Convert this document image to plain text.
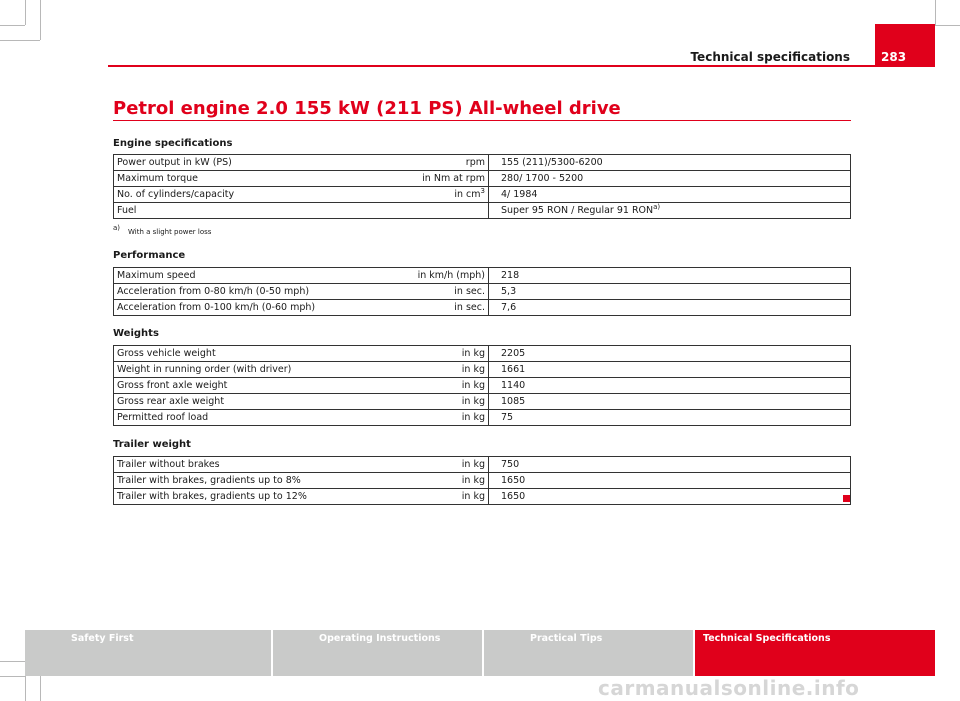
Technical specifications	283
Petrol engine 2.0 155 kW (211 PS) All-wheel drive
Engine specifications
Power output in kW (PS)	rpm	155 (211)/5300-6200
Maximum torque	in Nm at rpm	280/ 1700 - 5200
No. of cylinders/capacity	in $cm^3$	4/ 1984
Fuel		Super 95 RON / Regular 91 RON$^{a)}$
$^{a)}$ With a slight power loss
Performance
Maximum speed	in km/h (mph)	218
Acceleration from 0-80 km/h (0-50 mph)	in sec.	5,3
Acceleration from 0-100 km/h (0-60 mph)	in sec.	7,6
Weights
Gross vehicle weight	in kg	2205
Weight in running order (with driver)	in kg	1661
Gross front axle weight	in kg	1140
Gross rear axle weight	in kg	1085
Permitted roof load	in kg	75
Trailer weight
Trailer without brakes	in kg	750
Trailer with brakes, gradients up to 8%	in kg	1650
Trailer with brakes, gradients up to 12%	in kg	1650
Safety First	Operating Instructions	Practical Tips	Technical Specifications
carmanualsonline.info
